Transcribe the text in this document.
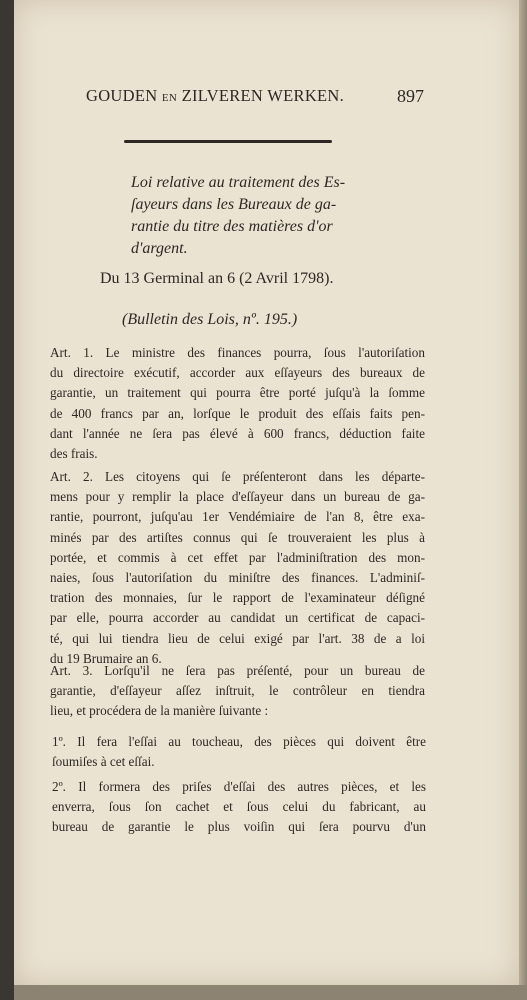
GOUDEN EN ZILVEREN WERKEN.	897
Loi relative au traitement des Es-
ſayeurs dans les Bureaux de ga-
rantie du titre des matières d'or
d'argent.
Du 13 Germinal an 6 (2 Avril 1798).
(Bulletin des Lois, nº. 195.)
Art. 1. Le ministre des finances pourra, ſous l'autoriſation
du directoire exécutif, accorder aux eſſayeurs des bureaux de
garantie, un traitement qui pourra être porté juſqu'à la ſomme
de 400 francs par an, lorſque le produit des eſſais faits pen-
dant l'année ne ſera pas élevé à 600 francs, déduction faite
des frais.
Art. 2. Les citoyens qui ſe préſenteront dans les départe-
mens pour y remplir la place d'eſſayeur dans un bureau de ga-
rantie, pourront, juſqu'au 1er Vendémiaire de l'an 8, être exa-
minés par des artiſtes connus qui ſe trouveraient les plus à
portée, et commis à cet effet par l'adminiſtration des mon-
naies, ſous l'autoriſation du miniſtre des finances. L'adminiſ-
tration des monnaies, ſur le rapport de l'examinateur déſigné
par elle, pourra accorder au candidat un certificat de capaci-
té, qui lui tiendra lieu de celui exigé par l'art. 38 de a loi
du 19 Brumaire an 6.
Art. 3. Lorſqu'il ne ſera pas préſenté, pour un bureau de
garantie, d'eſſayeur aſſez inſtruit, le contrôleur en tiendra
lieu, et procédera de la manière ſuivante :
1º. Il fera l'eſſai au toucheau, des pièces qui doivent être
ſoumiſes à cet eſſai.
2º. Il formera des priſes d'eſſai des autres pièces, et les
enverra, ſous ſon cachet et ſous celui du fabricant, au
bureau de garantie le plus voiſin qui ſera pourvu d'un
